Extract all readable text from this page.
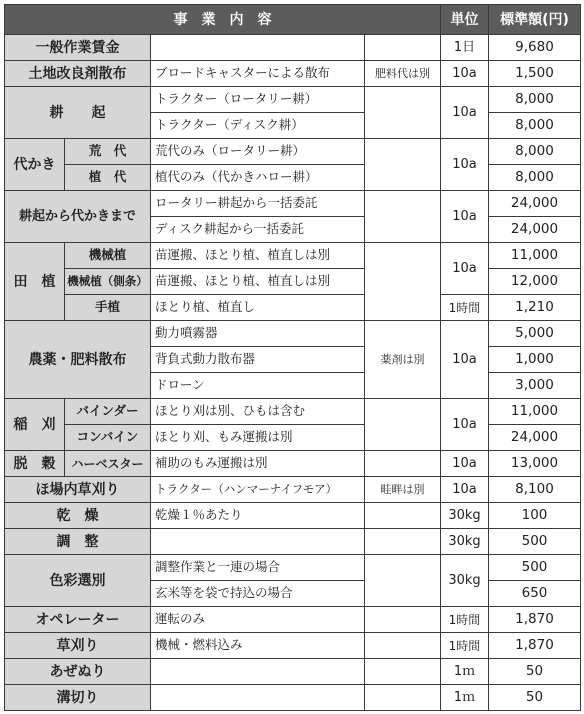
事　業　内　容				単位	標準額(円)
一般作業賃金				1日	9,680
土地改良剤散布		ブロードキャスターによる散布	肥料代は別	10a	1,500
耕　　起		トラクター（ロータリー耕）		10a	8,000
		トラクター（ディスク耕）			8,000
代かき	荒　代	荒代のみ（ロータリー耕）		10a	8,000
	植　代	植代のみ（代かきハロー耕）			8,000
耕起から代かきまで		ロータリー耕起から一括委託		10a	24,000
		ディスク耕起から一括委託			24,000
田　植	機械植	苗運搬、ほとり植、植直しは別		10a	11,000
	機械植（側条）	苗運搬、ほとり植、植直しは別			12,000
	手植	ほとり植、植直し		1時間	1,210
農薬・肥料散布		動力噴霧器	薬剤は別	10a	5,000
		背負式動力散布器			1,000
		ドローン			3,000
稲　刈	バインダー	ほとり刈は別、ひもは含む		10a	11,000
	コンバイン	ほとり刈、もみ運搬は別			24,000
脱　穀	ハーベスター	補助のもみ運搬は別		10a	13,000
ほ場内草刈り		トラクター（ハンマーナイフモア）	畦畔は別	10a	8,100
乾　燥		乾燥１％あたり		30kg	100
調　整				30kg	500
色彩選別		調整作業と一連の場合		30kg	500
		玄米等を袋で持込の場合			650
オペレーター		運転のみ		1時間	1,870
草刈り		機械・燃料込み		1時間	1,870
あぜぬり				1ｍ	50
溝切り				1ｍ	50
